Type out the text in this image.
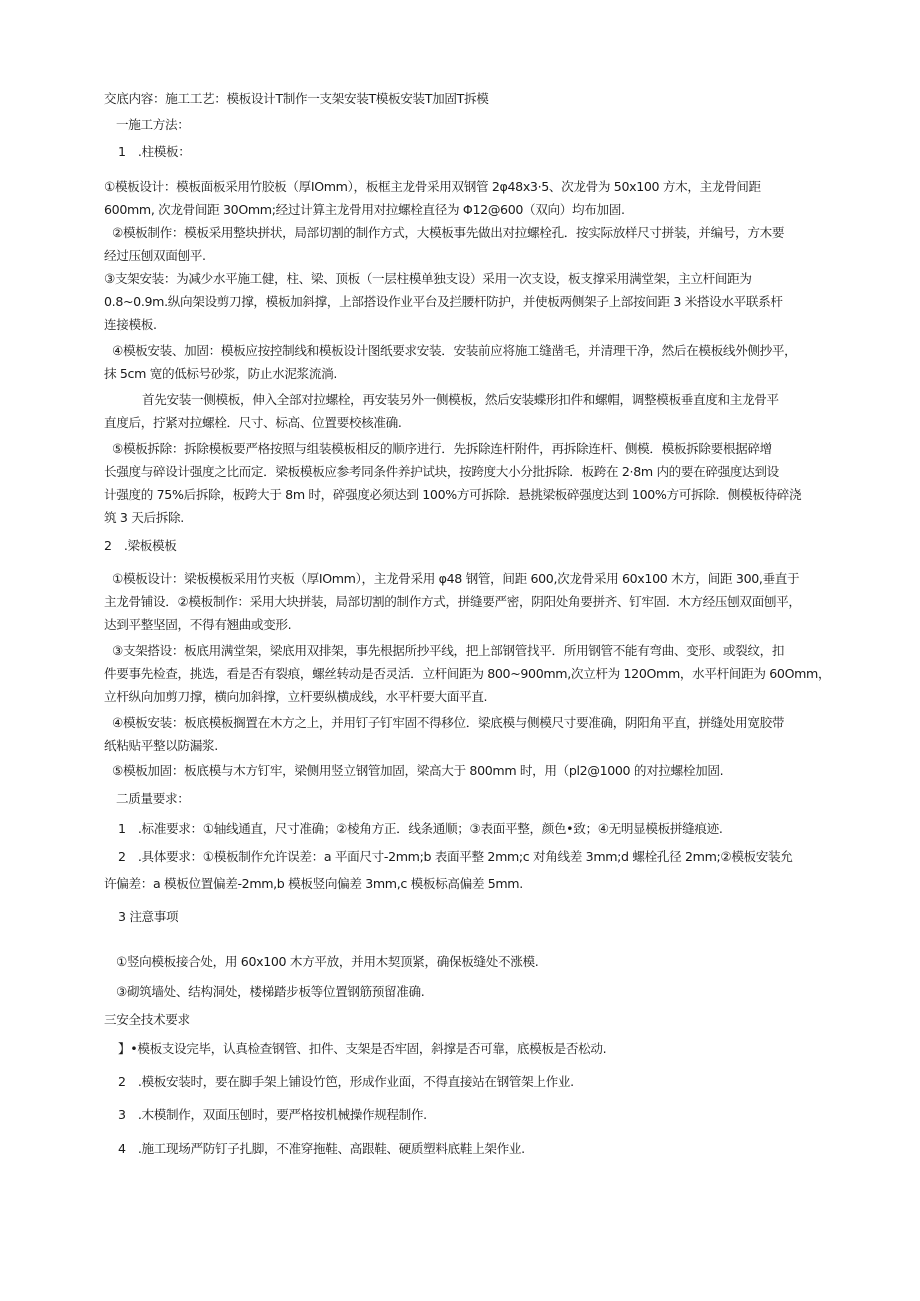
交底内容：施工工艺：模板设计T制作一支架安装T模板安装T加固T拆模
一施工方法：
1　.柱模板：
①模板设计：模板面板采用竹胶板（厚IOmm），板框主龙骨采用双钢管 2φ48x3·5、次龙骨为 50x100 方木，主龙骨间距
600mm, 次龙骨间距 30Omm;经过计算主龙骨用对拉螺栓直径为 Φ12@600（双向）均布加固.
②模板制作：模板采用整块拼状，局部切割的制作方式，大模板事先做出对拉螺栓孔．按实际放样尺寸拼装，并编号，方木要
经过压刨双面刨平.
③支架安装：为减少水平施工健，柱、梁、顶板（一层柱模单独支设）采用一次支设，板支撑采用满堂架，主立杆间距为
0.8~0.9m.纵向架设剪刀撑，模板加斜撑，上部搭设作业平台及拦腰杆防护，并使板两侧架子上部按间距 3 米搭设水平联系杆
连接模板.
④模板安装、加固：模板应按控制线和模板设计图纸要求安装．安装前应将施工缝凿毛，并清理干净，然后在模板线外侧抄平，
抹 5cm 宽的低标号砂浆，防止水泥浆流淌.
首先安装一侧模板，伸入全部对拉螺栓，再安装另外一侧模板，然后安装蝶形扣件和螺帽，调整模板垂直度和主龙骨平
直度后，拧紧对拉螺栓．尺寸、标高、位置要校核准确.
⑤模板拆除：拆除模板要严格按照与组装模板相反的顺序进行．先拆除连杆附件，再拆除连杆、侧模．模板拆除要根据碎增
长强度与碎设计强度之比而定．梁板模板应参考同条件养护试块，按跨度大小分批拆除．板跨在 2·8m 内的要在碎强度达到设
计强度的 75%后拆除，板跨大于 8m 时，碎强度必须达到 100%方可拆除．悬挑梁板碎强度达到 100%方可拆除．侧模板待碎浇
筑 3 天后拆除.
2　.梁板模板
①模板设计：梁板模板采用竹夹板（厚IOmm），主龙骨采用 φ48 钢管，间距 600,次龙骨采用 60x100 木方，间距 300,垂直于
主龙骨铺设．②模板制作：采用大块拼装，局部切割的制作方式，拼缝要严密，阴阳处角要拼齐、钉牢固．木方经压刨双面刨平，
达到平整坚固，不得有翘曲或变形.
③支架搭设：板底用满堂架，梁底用双排架，事先根据所抄平线，把上部钢管找平．所用钢管不能有弯曲、变形、或裂纹，扣
件要事先检查，挑选，看是否有裂痕，螺丝转动是否灵活．立杆间距为 800~900mm,次立杆为 120Omm，水平杆间距为 60Omm，
立杆纵向加剪刀撑，横向加斜撑，立杆要纵横成线，水平杆要大面平直.
④模板安装：板底模板搁置在木方之上，并用钉子钉牢固不得移位．梁底模与侧模尺寸要准确，阴阳角平直，拼缝处用宽胶带
纸粘贴平整以防漏浆.
⑤模板加固：板底模与木方钉牢，梁侧用竖立钢管加固，梁高大于 800mm 时，用（pl2@1000 的对拉螺栓加固.
二质量要求：
1　.标准要求：①轴线通直，尺寸准确；②棱角方正．线条通顺；③表面平整，颜色•致；④无明显模板拼缝痕迹.
2　.具体要求：①模板制作允许误差：a 平面尺寸-2mm;b 表面平整 2mm;c 对角线差 3mm;d 螺栓孔径 2mm;②模板安装允
许偏差：a 模板位置偏差-2mm,b 模板竖向偏差 3mm,c 模板标高偏差 5mm.
3 注意事项
①竖向模板接合处，用 60x100 木方平放，并用木契顶紧，确保板缝处不涨模.
③砌筑墙处、结构洞处，楼梯踏步板等位置钢筋预留准确.
三安全技术要求
】•模板支设完毕，认真检查钢管、扣件、支架是否牢固，斜撑是否可靠，底模板是否松动.
2　.模板安装时，要在脚手架上铺设竹笆，形成作业面，不得直接站在钢管架上作业.
3　.木模制作，双面压刨时，要严格按机械操作规程制作.
4　.施工现场严防钉子扎脚，不准穿拖鞋、高跟鞋、硬质塑料底鞋上架作业.
